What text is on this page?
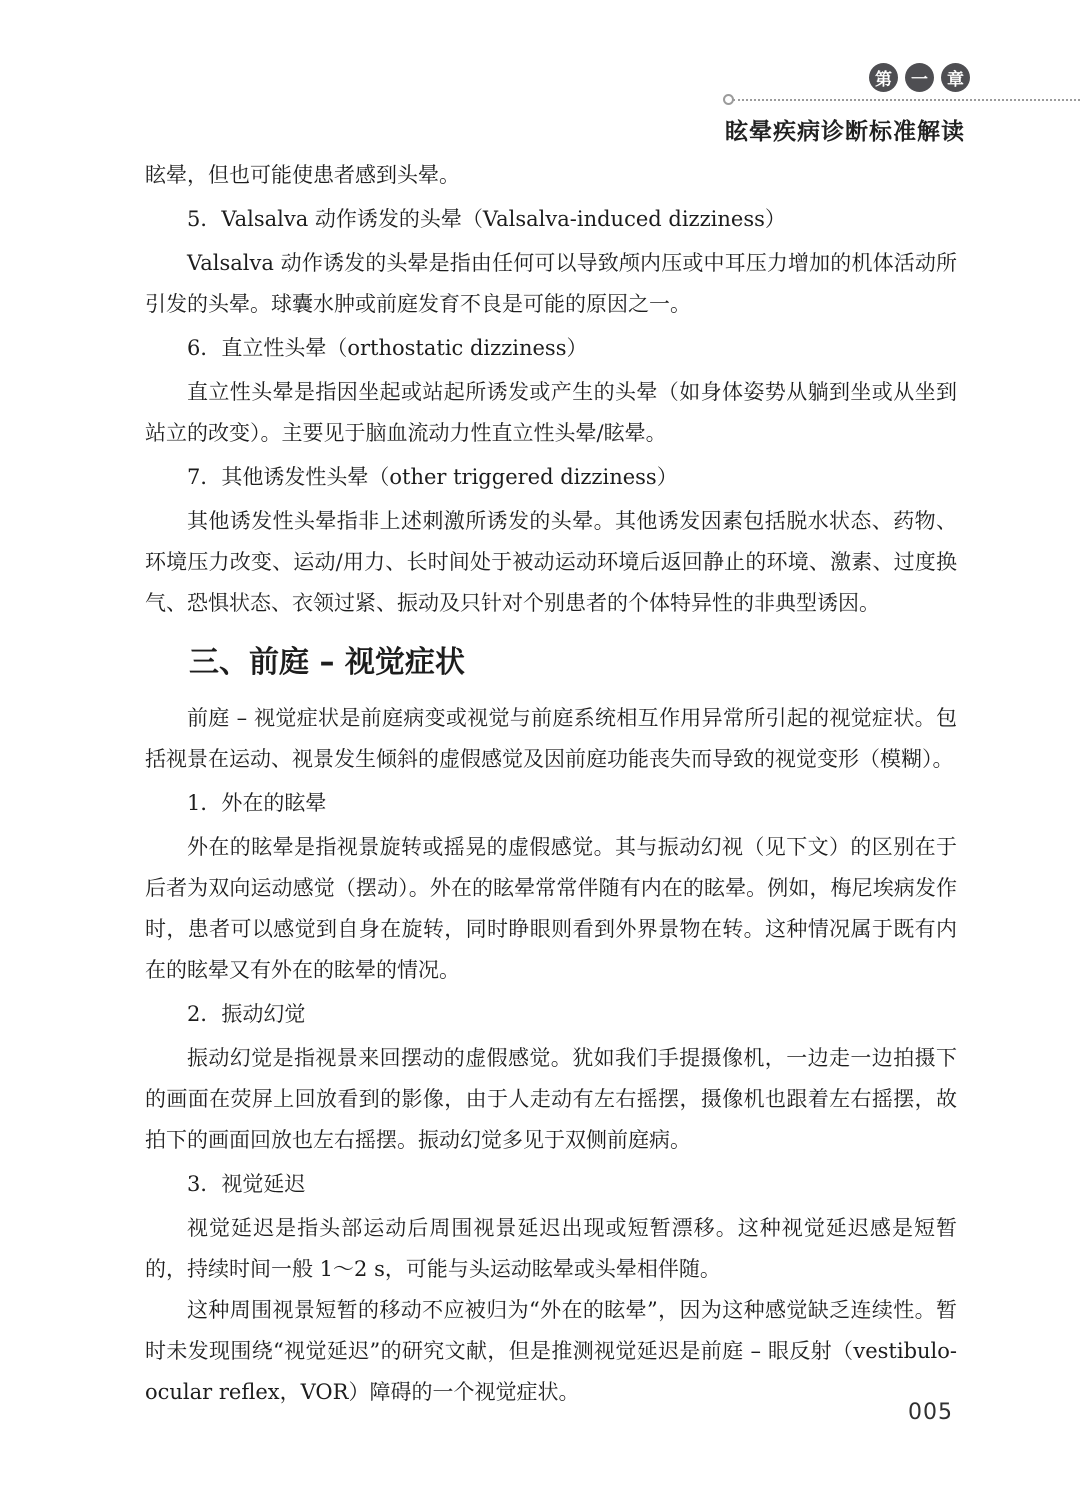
第	一	章
眩晕疾病诊断标准解读

眩晕，但也可能使患者感到头晕。

5．Valsalva 动作诱发的头晕（Valsalva-induced dizziness）

Valsalva 动作诱发的头晕是指由任何可以导致颅内压或中耳压力增加的机体活动所引发的头晕。球囊水肿或前庭发育不良是可能的原因之一。

6．直立性头晕（orthostatic dizziness）

直立性头晕是指因坐起或站起所诱发或产生的头晕（如身体姿势从躺到坐或从坐到站立的改变）。主要见于脑血流动力性直立性头晕/眩晕。

7．其他诱发性头晕（other triggered dizziness）

其他诱发性头晕指非上述刺激所诱发的头晕。其他诱发因素包括脱水状态、药物、环境压力改变、运动/用力、长时间处于被动运动环境后返回静止的环境、激素、过度换气、恐惧状态、衣领过紧、振动及只针对个别患者的个体特异性的非典型诱因。

三、前庭 – 视觉症状

前庭 – 视觉症状是前庭病变或视觉与前庭系统相互作用异常所引起的视觉症状。包括视景在运动、视景发生倾斜的虚假感觉及因前庭功能丧失而导致的视觉变形（模糊）。

1．外在的眩晕

外在的眩晕是指视景旋转或摇晃的虚假感觉。其与振动幻视（见下文）的区别在于后者为双向运动感觉（摆动）。外在的眩晕常常伴随有内在的眩晕。例如，梅尼埃病发作时，患者可以感觉到自身在旋转，同时睁眼则看到外界景物在转。这种情况属于既有内在的眩晕又有外在的眩晕的情况。

2．振动幻觉

振动幻觉是指视景来回摆动的虚假感觉。犹如我们手提摄像机，一边走一边拍摄下的画面在荧屏上回放看到的影像，由于人走动有左右摇摆，摄像机也跟着左右摇摆，故拍下的画面回放也左右摇摆。振动幻觉多见于双侧前庭病。

3．视觉延迟

视觉延迟是指头部运动后周围视景延迟出现或短暂漂移。这种视觉延迟感是短暂的，持续时间一般 1～2 s，可能与头运动眩晕或头晕相伴随。

这种周围视景短暂的移动不应被归为“外在的眩晕”，因为这种感觉缺乏连续性。暂时未发现围绕“视觉延迟”的研究文献，但是推测视觉延迟是前庭 – 眼反射（vestibulo-ocular reflex，VOR）障碍的一个视觉症状。

005
